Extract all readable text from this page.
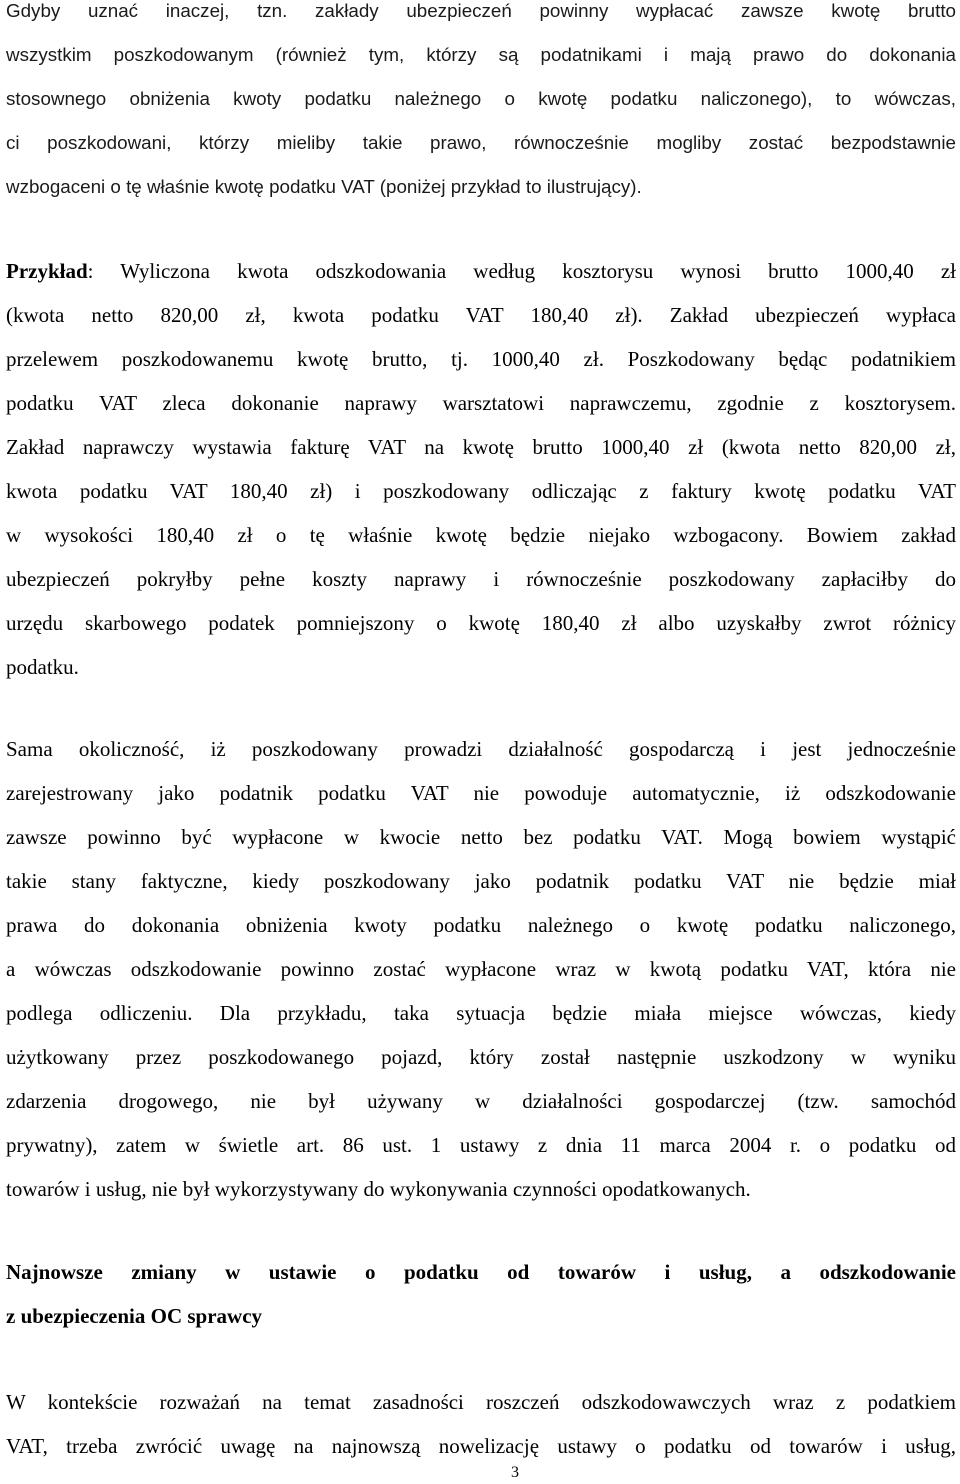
Gdyby uznać inaczej, tzn. zakłady ubezpieczeń powinny wypłacać zawsze kwotę brutto
wszystkim poszkodowanym (również tym, którzy są podatnikami i mają prawo do dokonania
stosownego obniżenia kwoty podatku należnego o kwotę podatku naliczonego), to wówczas,
ci poszkodowani, którzy mieliby takie prawo, równocześnie mogliby zostać bezpodstawnie
wzbogaceni o tę właśnie kwotę podatku VAT (poniżej przykład to ilustrujący).
Przykład: Wyliczona kwota odszkodowania według kosztorysu wynosi brutto 1000,40 zł
(kwota netto 820,00 zł, kwota podatku VAT 180,40 zł). Zakład ubezpieczeń wypłaca
przelewem poszkodowanemu kwotę brutto, tj. 1000,40 zł. Poszkodowany będąc podatnikiem
podatku VAT zleca dokonanie naprawy warsztatowi naprawczemu, zgodnie z kosztorysem.
Zakład naprawczy wystawia fakturę VAT na kwotę brutto 1000,40 zł (kwota netto 820,00 zł,
kwota podatku VAT 180,40 zł) i poszkodowany odliczając z faktury kwotę podatku VAT
w wysokości 180,40 zł o tę właśnie kwotę będzie niejako wzbogacony. Bowiem zakład
ubezpieczeń pokryłby pełne koszty naprawy i równocześnie poszkodowany zapłaciłby do
urzędu skarbowego podatek pomniejszony o kwotę 180,40 zł albo uzyskałby zwrot różnicy
podatku.
Sama okoliczność, iż poszkodowany prowadzi działalność gospodarczą i jest jednocześnie
zarejestrowany jako podatnik podatku VAT nie powoduje automatycznie, iż odszkodowanie
zawsze powinno być wypłacone w kwocie netto bez podatku VAT. Mogą bowiem wystąpić
takie stany faktyczne, kiedy poszkodowany jako podatnik podatku VAT nie będzie miał
prawa do dokonania obniżenia kwoty podatku należnego o kwotę podatku naliczonego,
a wówczas odszkodowanie powinno zostać wypłacone wraz w kwotą podatku VAT, która nie
podlega odliczeniu. Dla przykładu, taka sytuacja będzie miała miejsce wówczas, kiedy
użytkowany przez poszkodowanego pojazd, który został następnie uszkodzony w wyniku
zdarzenia drogowego, nie był używany w działalności gospodarczej (tzw. samochód
prywatny), zatem w świetle art. 86 ust. 1 ustawy z dnia 11 marca 2004 r. o podatku od
towarów i usług, nie był wykorzystywany do wykonywania czynności opodatkowanych.
Najnowsze zmiany w ustawie o podatku od towarów i usług, a odszkodowanie
z ubezpieczenia OC sprawcy
W kontekście rozważań na temat zasadności roszczeń odszkodowawczych wraz z podatkiem
VAT, trzeba zwrócić uwagę na najnowszą nowelizację ustawy o podatku od towarów i usług,
3
